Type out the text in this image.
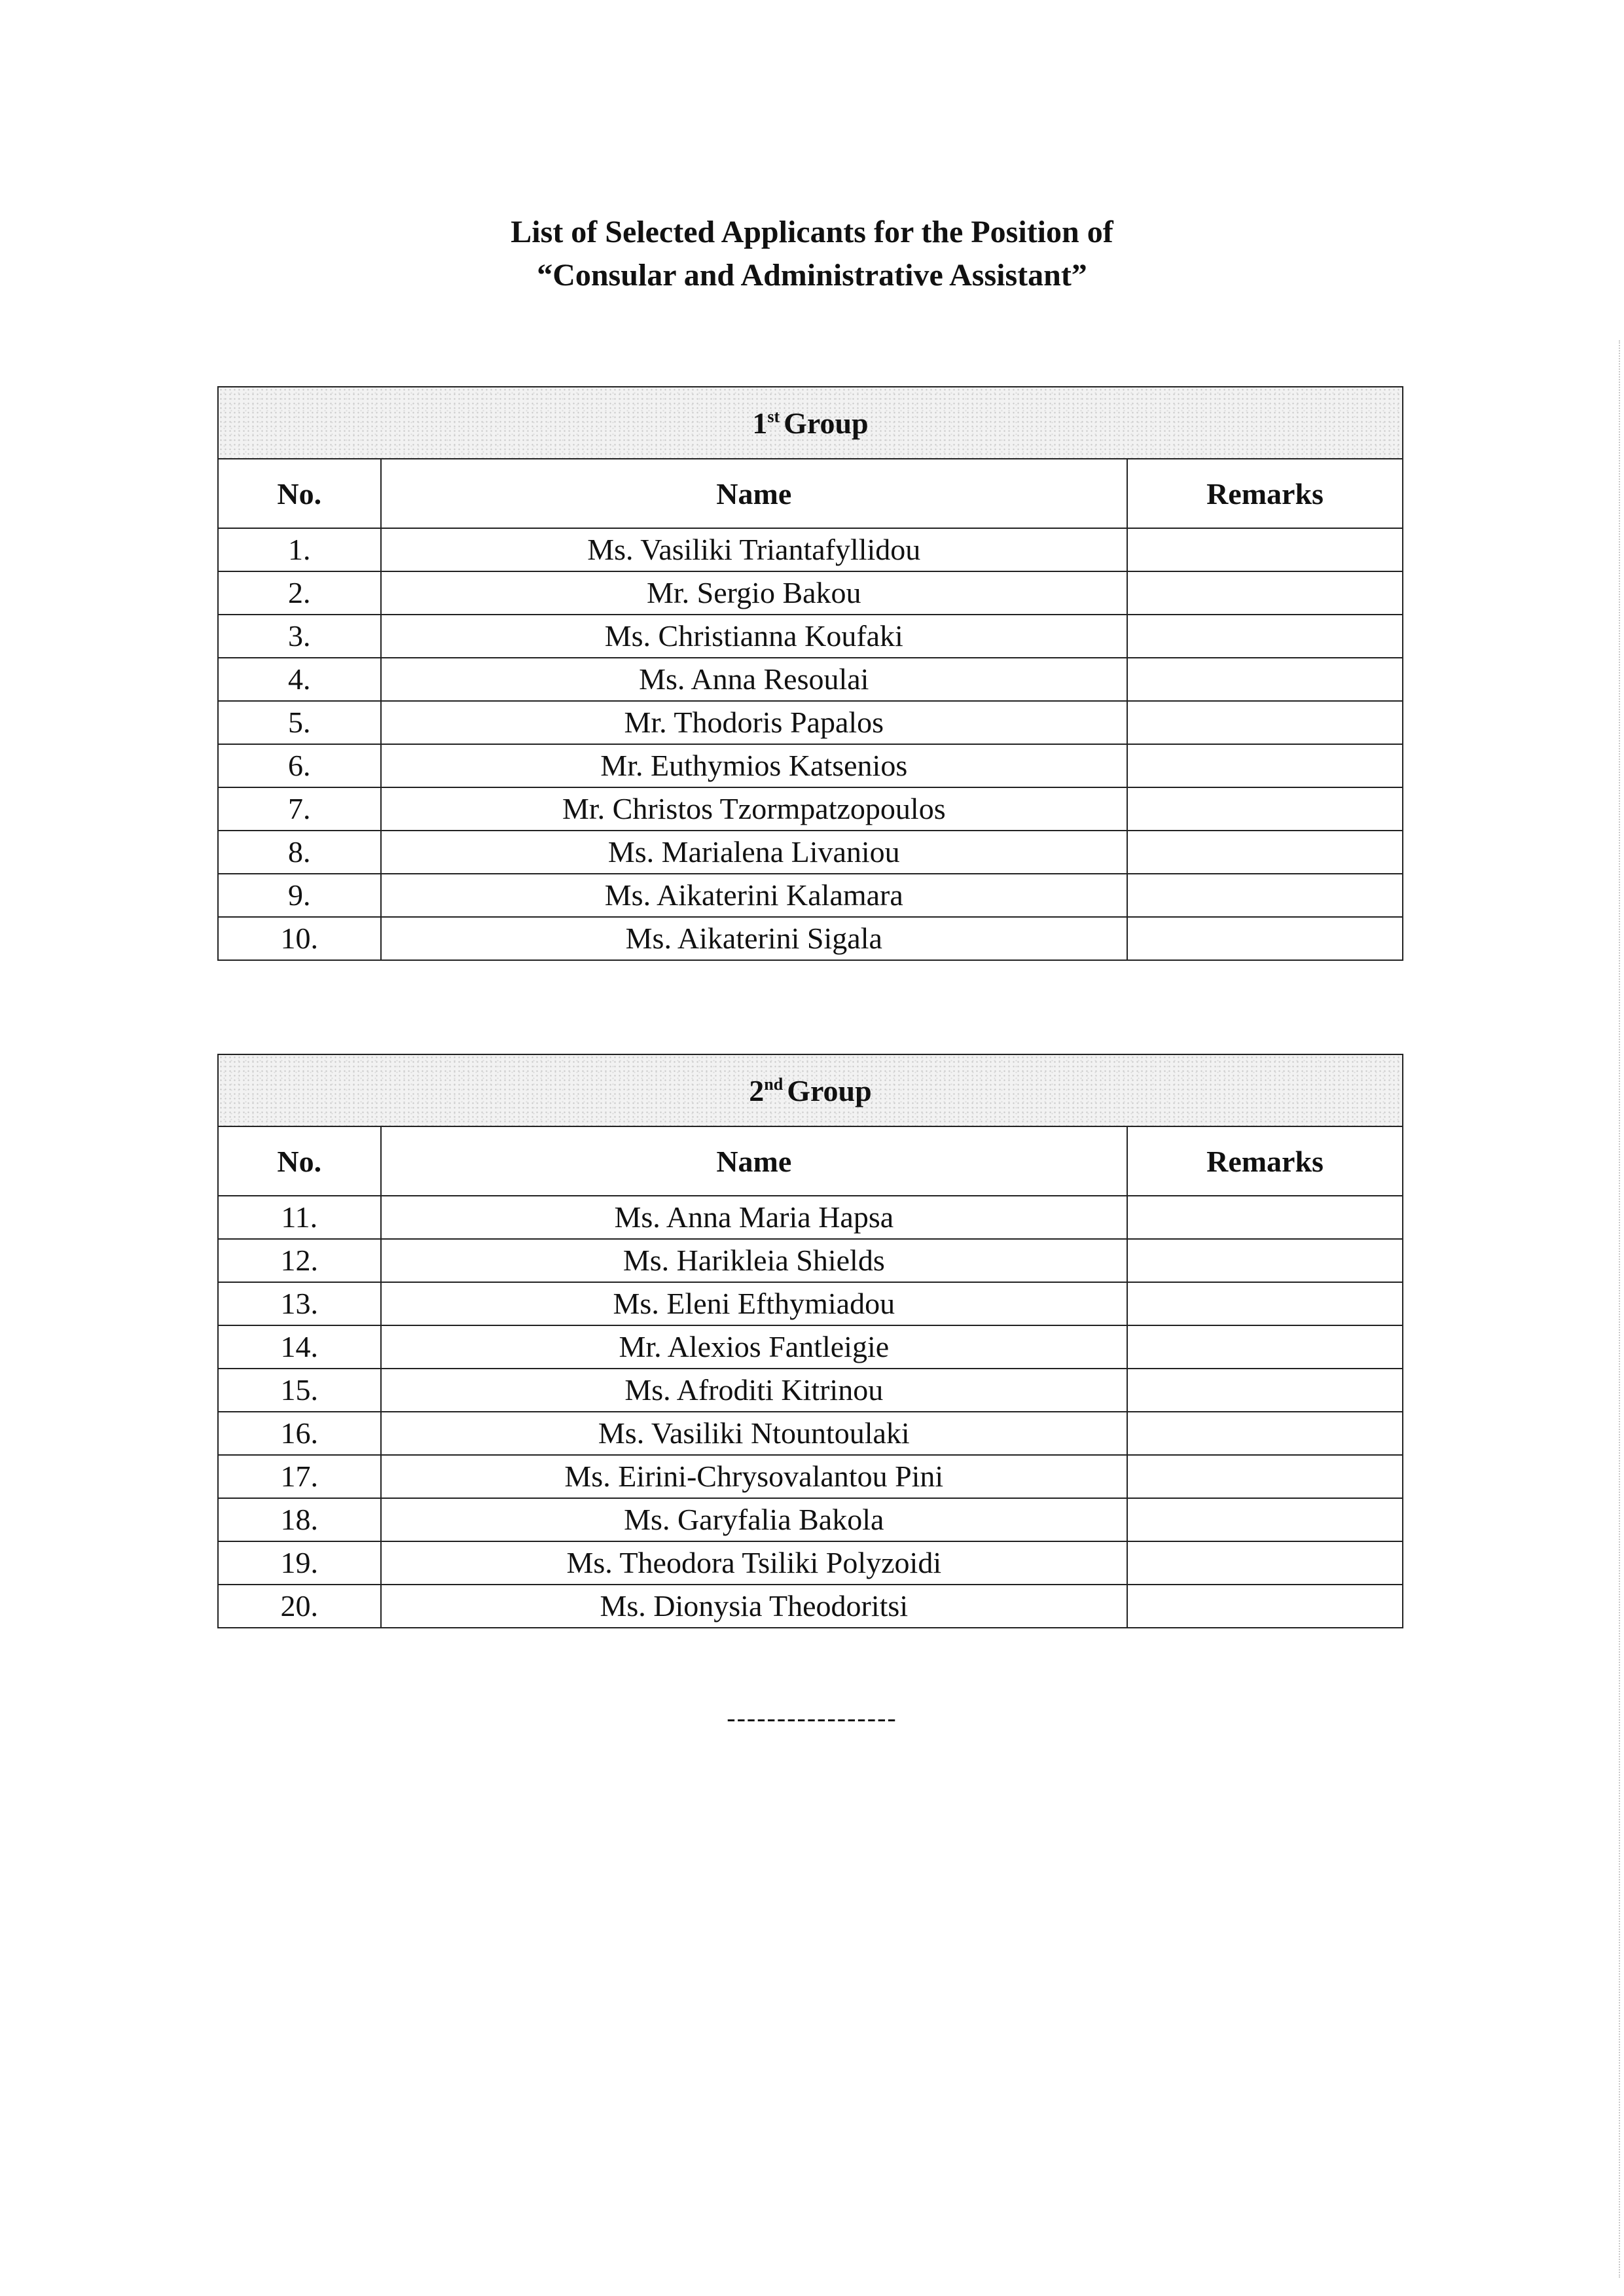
List of Selected Applicants for the Position of
“Consular and Administrative Assistant”
1st Group		
No.	Name	Remarks
1.	Ms. Vasiliki Triantafyllidou	
2.	Mr. Sergio Bakou	
3.	Ms. Christianna Koufaki	
4.	Ms. Anna Resoulai	
5.	Mr. Thodoris Papalos	
6.	Mr. Euthymios Katsenios	
7.	Mr. Christos Tzormpatzopoulos	
8.	Ms. Marialena Livaniou	
9.	Ms. Aikaterini Kalamara	
10.	Ms. Aikaterini Sigala	
2nd Group		
No.	Name	Remarks
11.	Ms. Anna Maria Hapsa	
12.	Ms. Harikleia Shields	
13.	Ms. Eleni Efthymiadou	
14.	Mr. Alexios Fantleigie	
15.	Ms. Afroditi Kitrinou	
16.	Ms. Vasiliki Ntountoulaki	
17.	Ms. Eirini-Chrysovalantou Pini	
18.	Ms. Garyfalia Bakola	
19.	Ms. Theodora Tsiliki Polyzoidi	
20.	Ms. Dionysia Theodoritsi	
-----------------
